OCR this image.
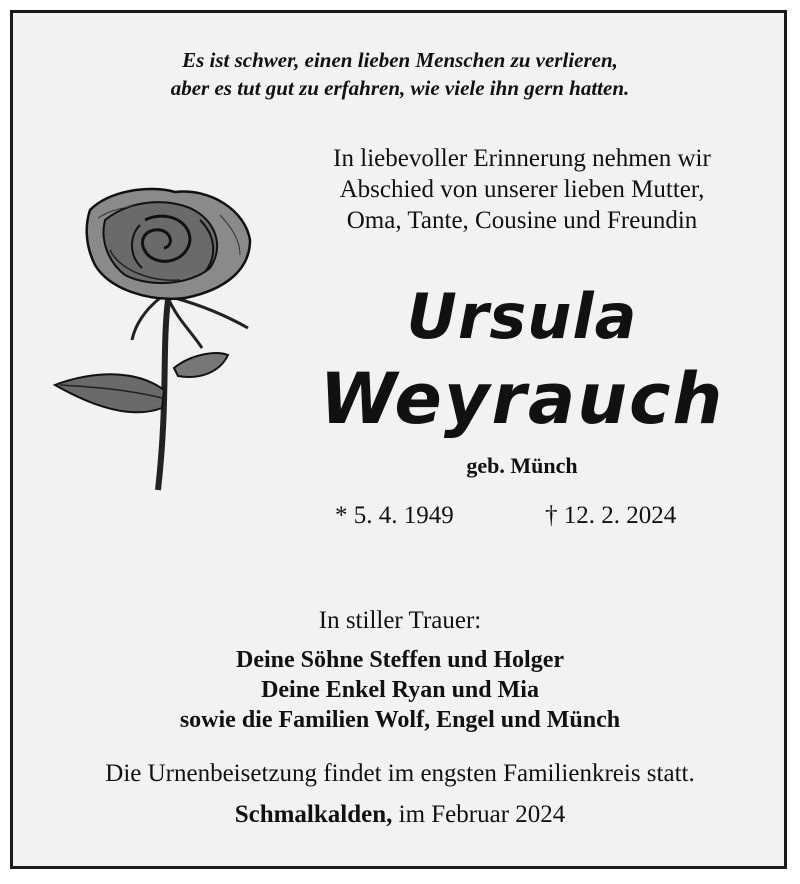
Es ist schwer, einen lieben Menschen zu verlieren,
aber es tut gut zu erfahren, wie viele ihn gern hatten.
In liebevoller Erinnerung nehmen wir
Abschied von unserer lieben Mutter,
Oma, Tante, Cousine und Freundin
Ursula
Weyrauch
geb. Münch
* 5. 4. 1949	† 12. 2. 2024
In stiller Trauer:
Deine Söhne Steffen und Holger
Deine Enkel Ryan und Mia
sowie die Familien Wolf, Engel und Münch
Die Urnenbeisetzung findet im engsten Familienkreis statt.
Schmalkalden, im Februar 2024
